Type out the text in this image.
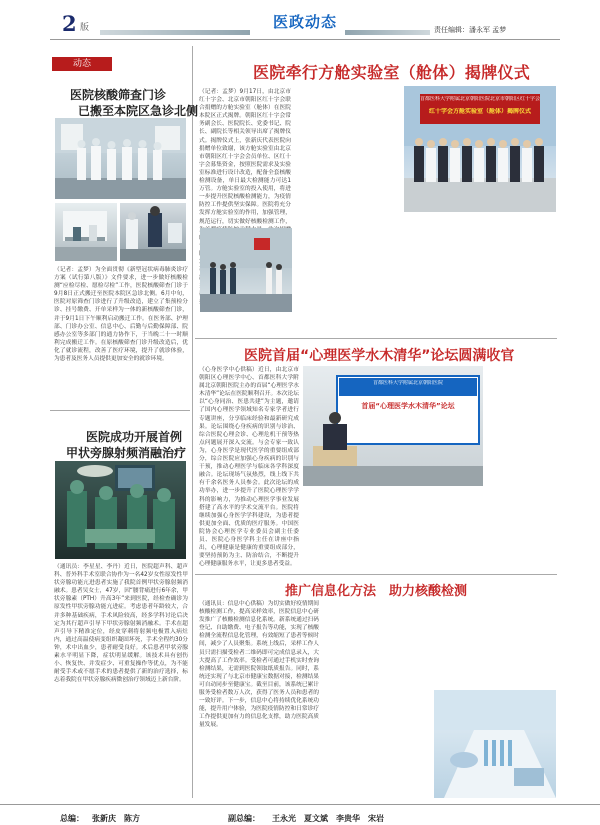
2 版	医政动态	责任编辑：潘永军 孟梦
动态
医院核酸筛查门诊
已搬至本院区急诊北侧
（记者：孟梦）为全面贯彻《新型冠状病毒肺炎诊疗方案（试行第八版）》文件要求，进一步做好核酸检测“应检尽检、愿检尽检”工作，医院核酸筛查门诊于9月8日正式搬迁至医院本院区急诊北侧。6月中旬，医院对原筛查门诊进行了升级改造，建立了集预检分诊、挂号缴费、开单采样为一体的新核酸筛查门诊，并于9月1日下午顺利启动搬迁工作。在医务部、护理部、门诊办公室、信息中心、后勤与后勤保障部、院感办公室等多部门的通力协作下，于当晚二十一时顺利完成搬迁工作。在原核酸筛查门诊升级改造后，优化了就诊流程，改善了医疗环境，提升了就诊体验，为患者及医务人员提供更加安全的就诊环境。
医院成功开展首例
甲状旁腺射频消融治疗
（通讯员：李星星、李丹）近日，医院超声科、超声科、普外科手术室联合协作为一名42岁女性原发性甲状旁腺功能亢进患者实施了我院首例甲状旁腺射频消融术。患者吴女士，47岁，因“腰背痛进行6年余，甲状旁腺素（PTH）升高3年”来到医院，经检查确诊为原发性甲状旁腺功能亢进症。考虑患者年龄较大，合并多种基础疾病，手术风险较高，经多学科讨论后决定为其行超声引导下甲状旁腺射频消融术。手术在超声引导下精准定位，经皮穿刺将射频电极置入病灶内，通过高温使病变组织凝固坏死，手术全程约30分钟，术中出血少，患者耐受良好。术后患者甲状旁腺素水平明显下降，症状明显缓解。该技术具有创伤小、恢复快、并发症少、可重复操作等优点，为不能耐受手术或不愿手术的患者提供了新的治疗选择，标志着我院在甲状旁腺疾病微创治疗领域迈上新台阶。
医院牵行方舱实验室（舱体）揭牌仪式
（记者：孟梦）9月17日，由北京市红十字会、北京市朝阳区红十字会联合捐赠的方舱实验室（舱体）在医院本院区正式揭牌。朝阳区红十字会常务副会长、医院院长、党委书记、院长、副院长等相关领导出席了揭牌仪式。揭牌仪式上，张新庆代表医院向捐赠单位致谢，该方舱实验室由北京市朝阳区红十字会会员单位、区红十字会募集资金，按照医院需求及实验室标准进行设计改造，配备全套核酸检测设备，单日最大检测能力可达1万管。方舱实验室的投入使用，将进一步提升医院核酸检测能力，为疫情防控工作提供坚实保障。医院将充分发挥方舱实验室的作用，加强管理，规范运行，切实做好核酸检测工作，
首都医科大学附属北京朝阳医院北京市朝阳区红十字会
红十字会方舱实验室（舱体）揭牌仪式
医院首届“心理医学水木清华”论坛圆满收官
（心身医学中心供稿）近日，由北京市朝阳区心理医学中心、首都医科大学附属北京朝阳医院主办的首届“心理医学水木清华”论坛在医院顺利召开。本次论坛以“心身同治、医患共建”为主题，邀请了国内心理医学领域知名专家学者进行专题讲座，分享临床经验和最新研究成果。论坛围绕心身疾病的识别与诊治、综合医院心理会诊、心理危机干预等热点问题展开深入交流。与会专家一致认为，心身医学是现代医学的重要组成部分，综合医院应加强心身疾病的识别与干预，推动心理医学与临床各学科深度融合。论坛现场气氛热烈，线上线下共有千余名医务人员参会。此次论坛的成功举办，进一步提升了医院心理医学学科的影响力，为推动心理医学事业发展搭建了高水平的学术交流平台。医院将继续加强心身医学学科建设，为患者提供更加全面、优质的医疗服务。中国医院协会心理医学专业委员会副主任委员、医院心身医学科主任在讲座中指出，心理健康是健康的重要组成部分，要坚持预防为主、防治结合，不断提升心理健康服务水平，让更多患者受益。
首都医科大学附属北京朝阳医院
首届“心理医学水木清华”论坛
推广信息化方法　助力核酸检测
（通讯员：信息中心供稿）为切实做好疫情期间核酸检测工作，提高采样效率，医院信息中心研发推广了核酸检测信息化系统。新系统通过扫码登记、自助缴费、电子报告等功能，实现了核酸检测全流程信息化管理，有效缩短了患者等候时间，减少了人员聚集。系统上线后，采样工作人员只需扫描受检者二维码即可完成信息录入，大大提高了工作效率。受检者可通过手机实时查询检测结果，无需到医院领取纸质报告。同时，系统还实现了与北京市健康宝数据对接，检测结果可自动同步至健康宝。截至目前，该系统已累计服务受检者数万人次，获得了医务人员和患者的一致好评。下一步，信息中心将持续优化系统功能，提升用户体验，为医院疫情防控和日常诊疗工作提供更加有力的信息化支撑，助力医院高质量发展。
总编： 张新庆　陈方	副总编： 王永光　夏文斌　李贵华　宋岩
